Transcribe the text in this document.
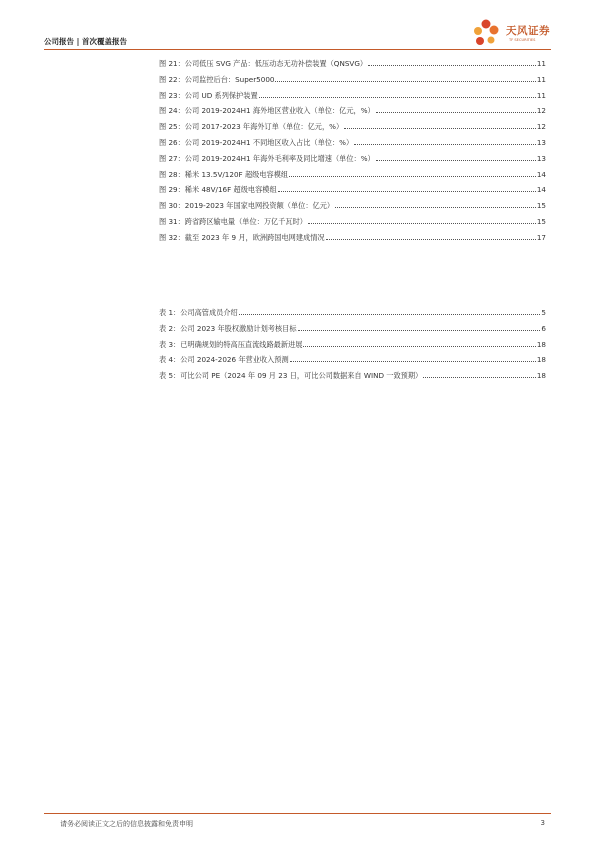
公司报告 | 首次覆盖报告
天风证券
TF SECURITIES
图 21：公司低压 SVG 产品：低压动态无功补偿装置（QNSVG）	11
图 22：公司监控后台：Super5000	11
图 23：公司 UD 系列保护装置	11
图 24：公司 2019-2024H1 海外地区营业收入（单位：亿元，%）	12
图 25：公司 2017-2023 年海外订单（单位：亿元，%）	12
图 26：公司 2019-2024H1 不同地区收入占比（单位：%）	13
图 27：公司 2019-2024H1 年海外毛利率及同比增速（单位：%）	13
图 28：稀米 13.5V/120F 超级电容模组	14
图 29：稀米 48V/16F 超级电容模组	14
图 30：2019-2023 年国家电网投资额（单位：亿元）	15
图 31：跨省跨区输电量（单位：万亿千瓦时）	15
图 32：截至 2023 年 9 月，欧洲跨国电网建成情况	17
表 1：公司高管成员介绍	5
表 2：公司 2023 年股权激励计划考核目标	6
表 3：已明确规划的特高压直流线路最新进展	18
表 4：公司 2024-2026 年营业收入预测	18
表 5：可比公司 PE（2024 年 09 月 23 日，可比公司数据来自 WIND 一致预期）	18
请务必阅读正文之后的信息披露和免责申明	3
